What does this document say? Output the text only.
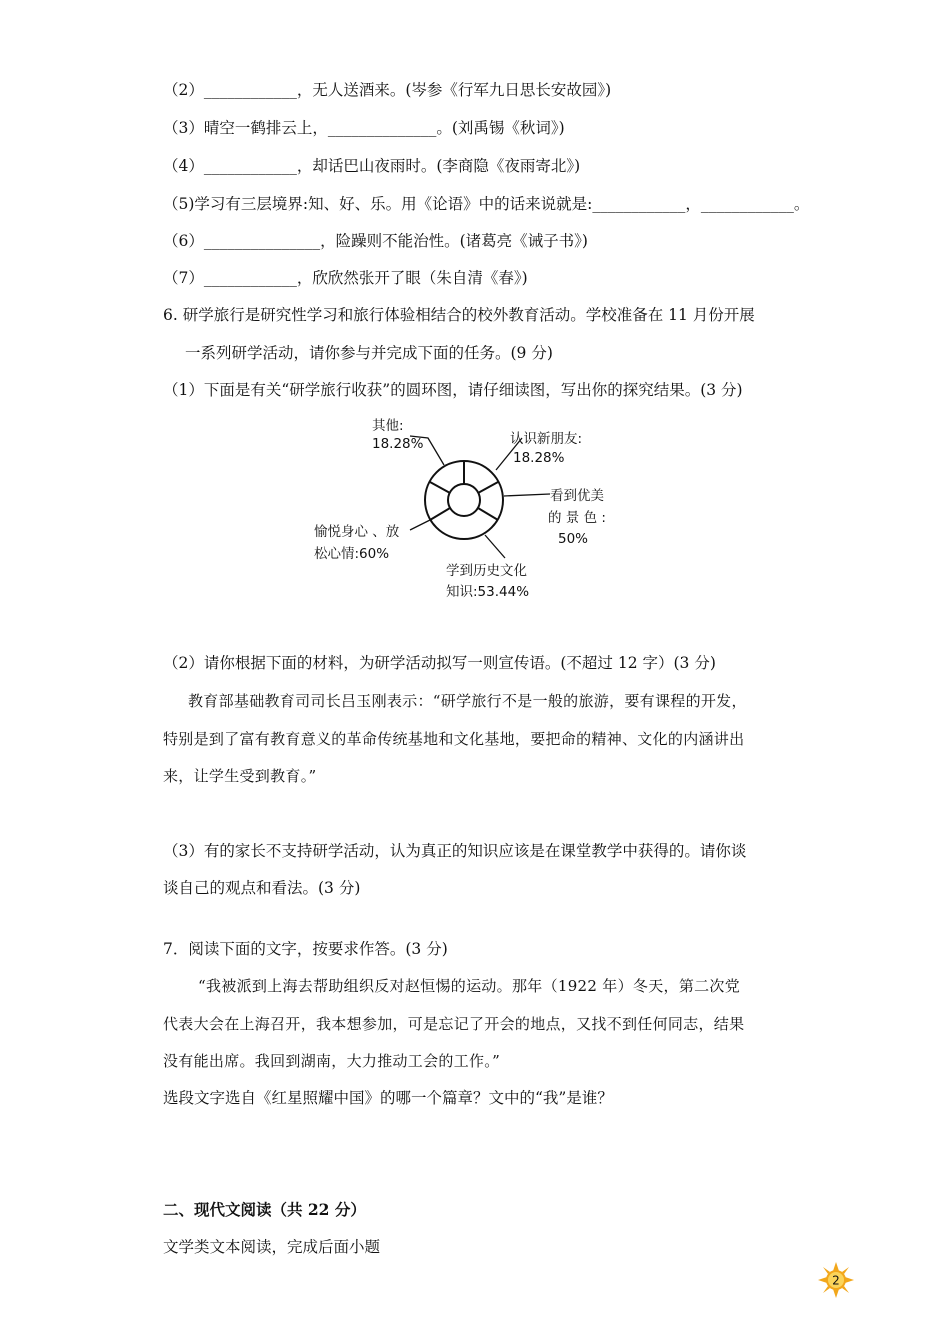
（2）____________，无人送酒来。(岑参《行军九日思长安故园》)
（3）晴空一鹤排云上，______________。(刘禹锡《秋词》)
（4）____________，却话巴山夜雨时。(李商隐《夜雨寄北》)
（5)学习有三层境界:知、好、乐。用《论语》中的话来说就是:____________，____________。
（6）_______________，险躁则不能治性。(诸葛亮《诫子书》)
（7）____________，欣欣然张开了眼（朱自清《春》)
6. 研学旅行是研究性学习和旅行体验相结合的校外教育活动。学校准备在 11 月份开展
一系列研学活动，请你参与并完成下面的任务。(9 分)
（1）下面是有关“研学旅行收获”的圆环图，请仔细读图，写出你的探究结果。(3 分)
其他:
18.28%	认识新朋友:
18.28%
看到优美
的 景 色 :
50%
学到历史文化
知识:53.44%
愉悦身心 、放
松心情:60%
（2）请你根据下面的材料，为研学活动拟写一则宣传语。(不超过 12 字）(3 分)
教育部基础教育司司长吕玉刚表示：“研学旅行不是一般的旅游，要有课程的开发，
特别是到了富有教育意义的革命传统基地和文化基地，要把命的精神、文化的内涵讲出
来，让学生受到教育。”
（3）有的家长不支持研学活动，认为真正的知识应该是在课堂教学中获得的。请你谈
谈自己的观点和看法。(3 分)
7．阅读下面的文字，按要求作答。(3 分)
“我被派到上海去帮助组织反对赵恒惕的运动。那年（1922 年）冬天，第二次党
代表大会在上海召开，我本想参加，可是忘记了开会的地点，又找不到任何同志，结果
没有能出席。我回到湖南，大力推动工会的工作。”
选段文字选自《红星照耀中国》的哪一个篇章？文中的“我”是谁？
二、现代文阅读（共 22 分）
文学类文本阅读，完成后面小题
2
